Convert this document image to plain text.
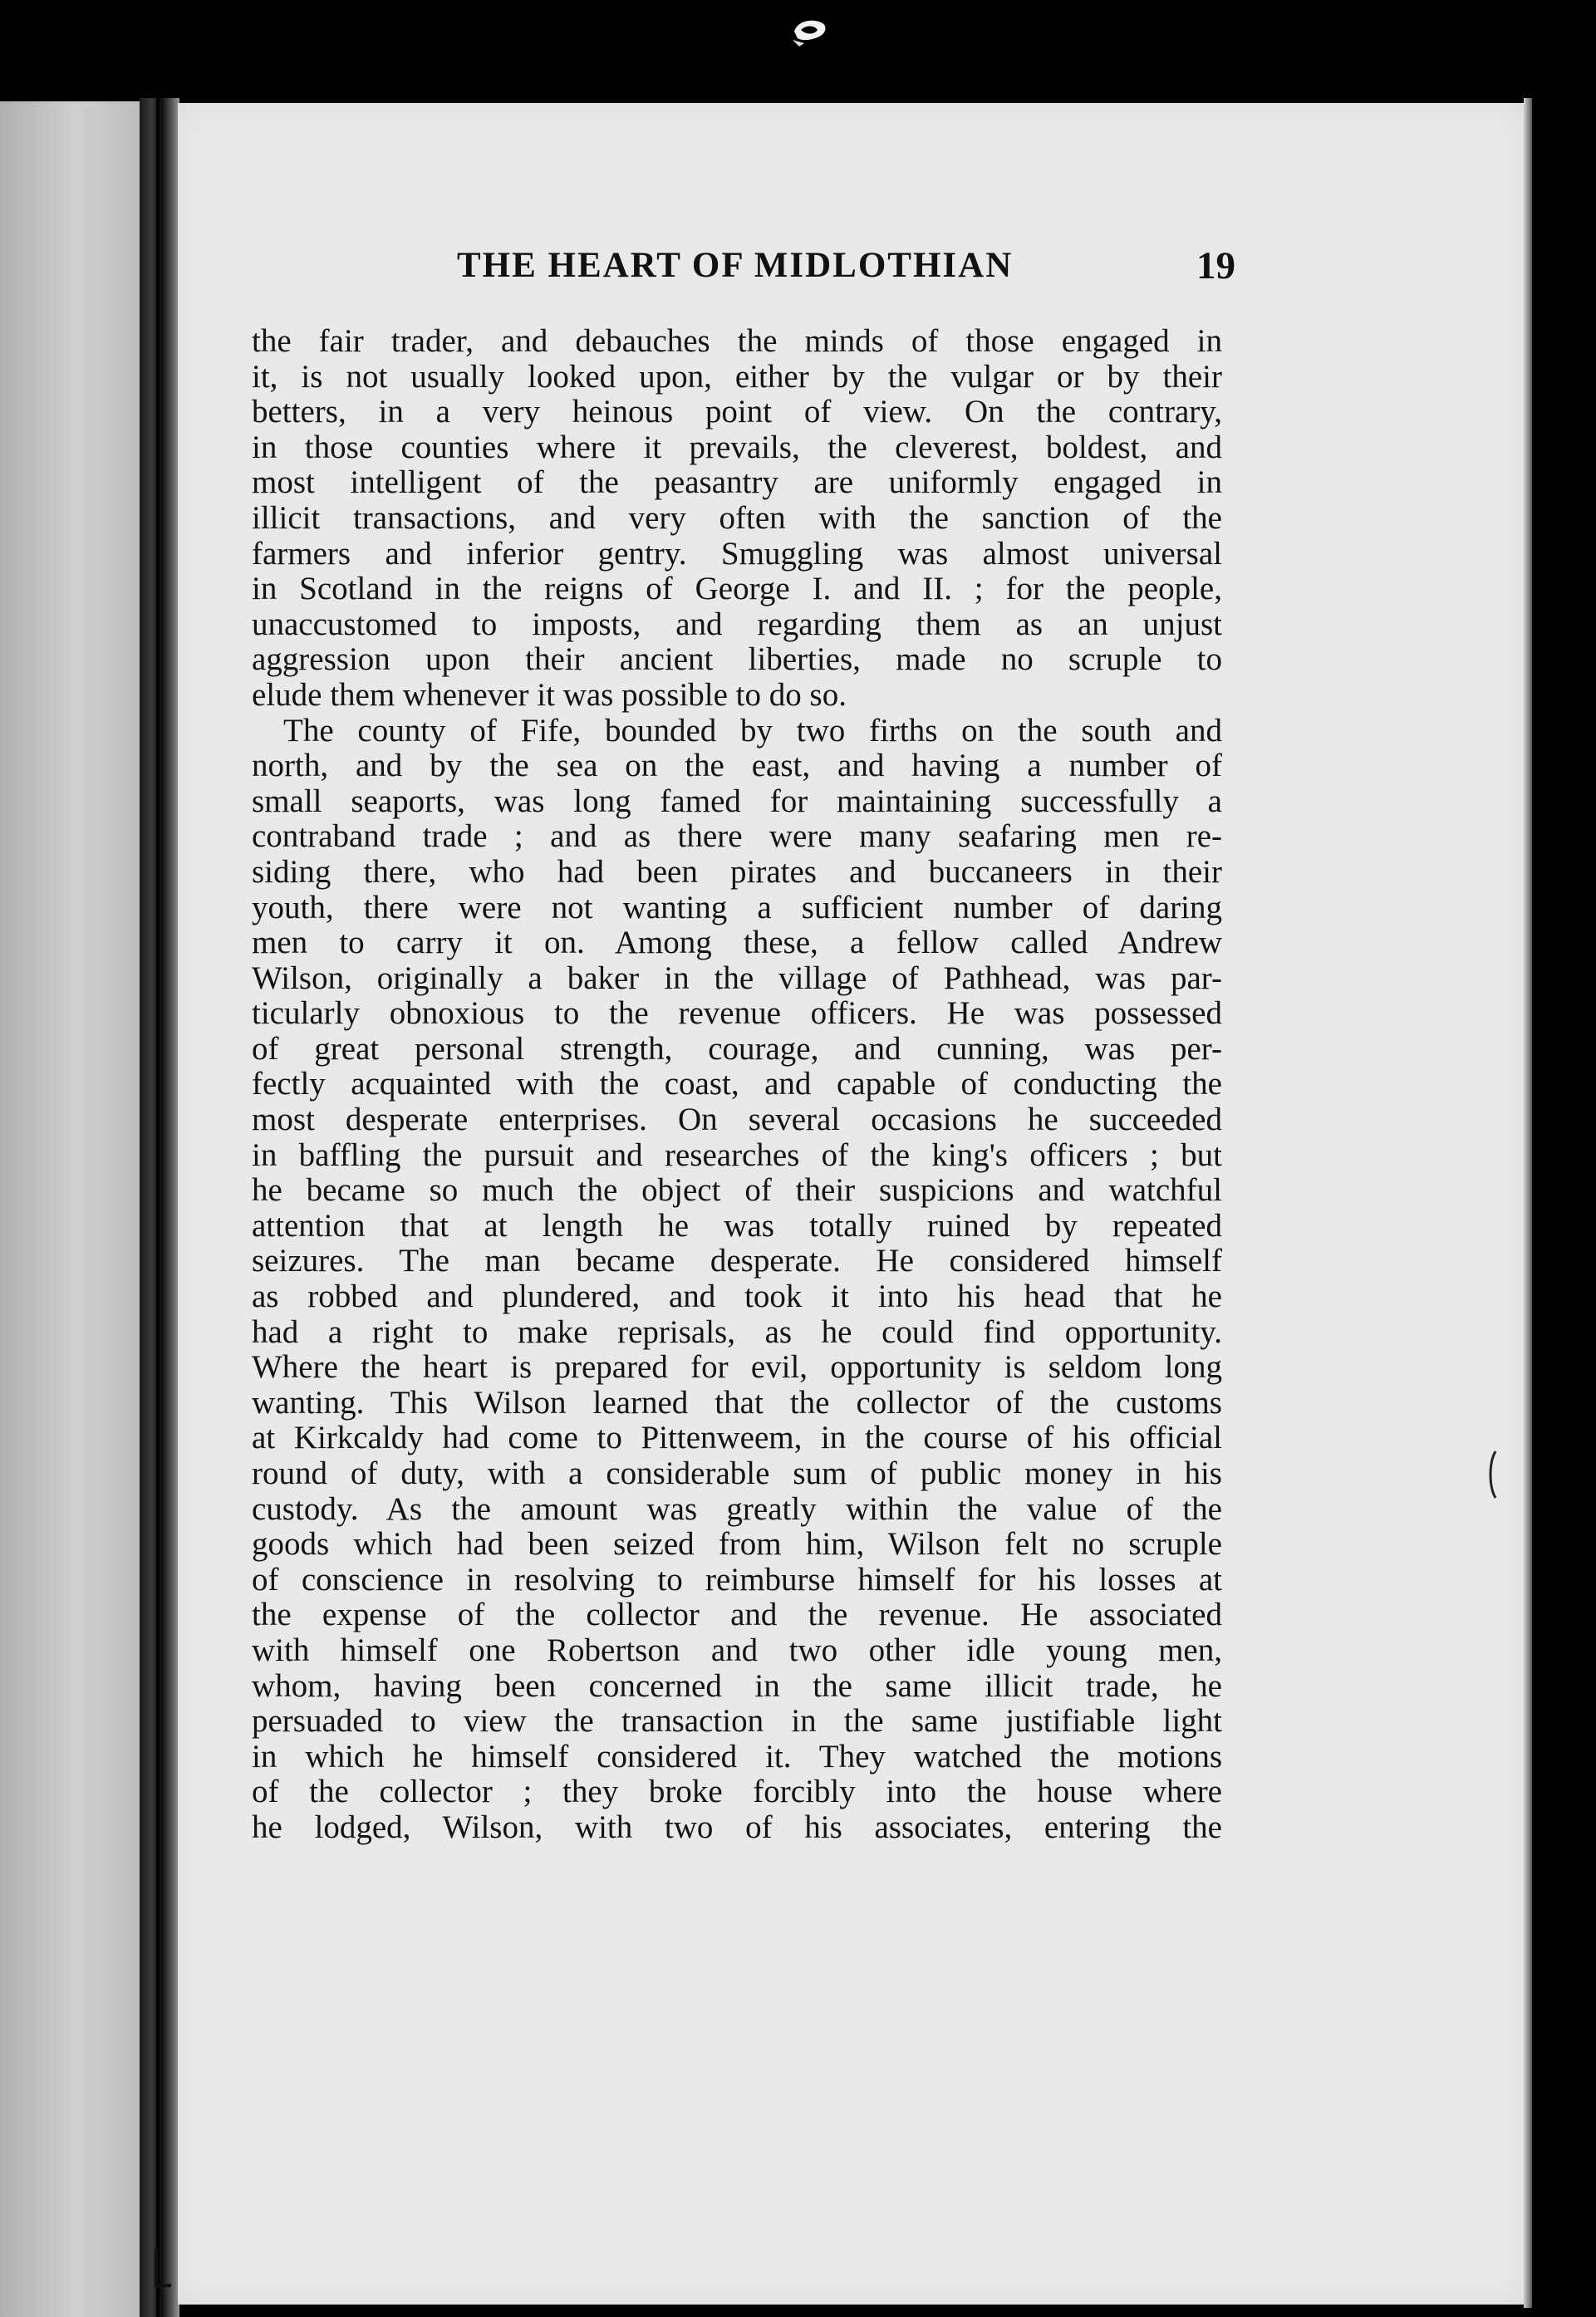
THE HEART OF MIDLOTHIAN	19
the fair trader, and debauches the minds of those engaged in
it, is not usually looked upon, either by the vulgar or by their
betters, in a very heinous point of view. On the contrary,
in those counties where it prevails, the cleverest, boldest, and
most intelligent of the peasantry are uniformly engaged in
illicit transactions, and very often with the sanction of the
farmers and inferior gentry. Smuggling was almost universal
in Scotland in the reigns of George I. and II. ; for the people,
unaccustomed to imposts, and regarding them as an unjust
aggression upon their ancient liberties, made no scruple to
elude them whenever it was possible to do so.
The county of Fife, bounded by two firths on the south and
north, and by the sea on the east, and having a number of
small seaports, was long famed for maintaining successfully a
contraband trade ; and as there were many seafaring men re-
siding there, who had been pirates and buccaneers in their
youth, there were not wanting a sufficient number of daring
men to carry it on. Among these, a fellow called Andrew
Wilson, originally a baker in the village of Pathhead, was par-
ticularly obnoxious to the revenue officers. He was possessed
of great personal strength, courage, and cunning, was per-
fectly acquainted with the coast, and capable of conducting the
most desperate enterprises. On several occasions he succeeded
in baffling the pursuit and researches of the king's officers ; but
he became so much the object of their suspicions and watchful
attention that at length he was totally ruined by repeated
seizures. The man became desperate. He considered himself
as robbed and plundered, and took it into his head that he
had a right to make reprisals, as he could find opportunity.
Where the heart is prepared for evil, opportunity is seldom long
wanting. This Wilson learned that the collector of the customs
at Kirkcaldy had come to Pittenweem, in the course of his official
round of duty, with a considerable sum of public money in his
custody. As the amount was greatly within the value of the
goods which had been seized from him, Wilson felt no scruple
of conscience in resolving to reimburse himself for his losses at
the expense of the collector and the revenue. He associated
with himself one Robertson and two other idle young men,
whom, having been concerned in the same illicit trade, he
persuaded to view the transaction in the same justifiable light
in which he himself considered it. They watched the motions
of the collector ; they broke forcibly into the house where
he lodged, Wilson, with two of his associates, entering the
